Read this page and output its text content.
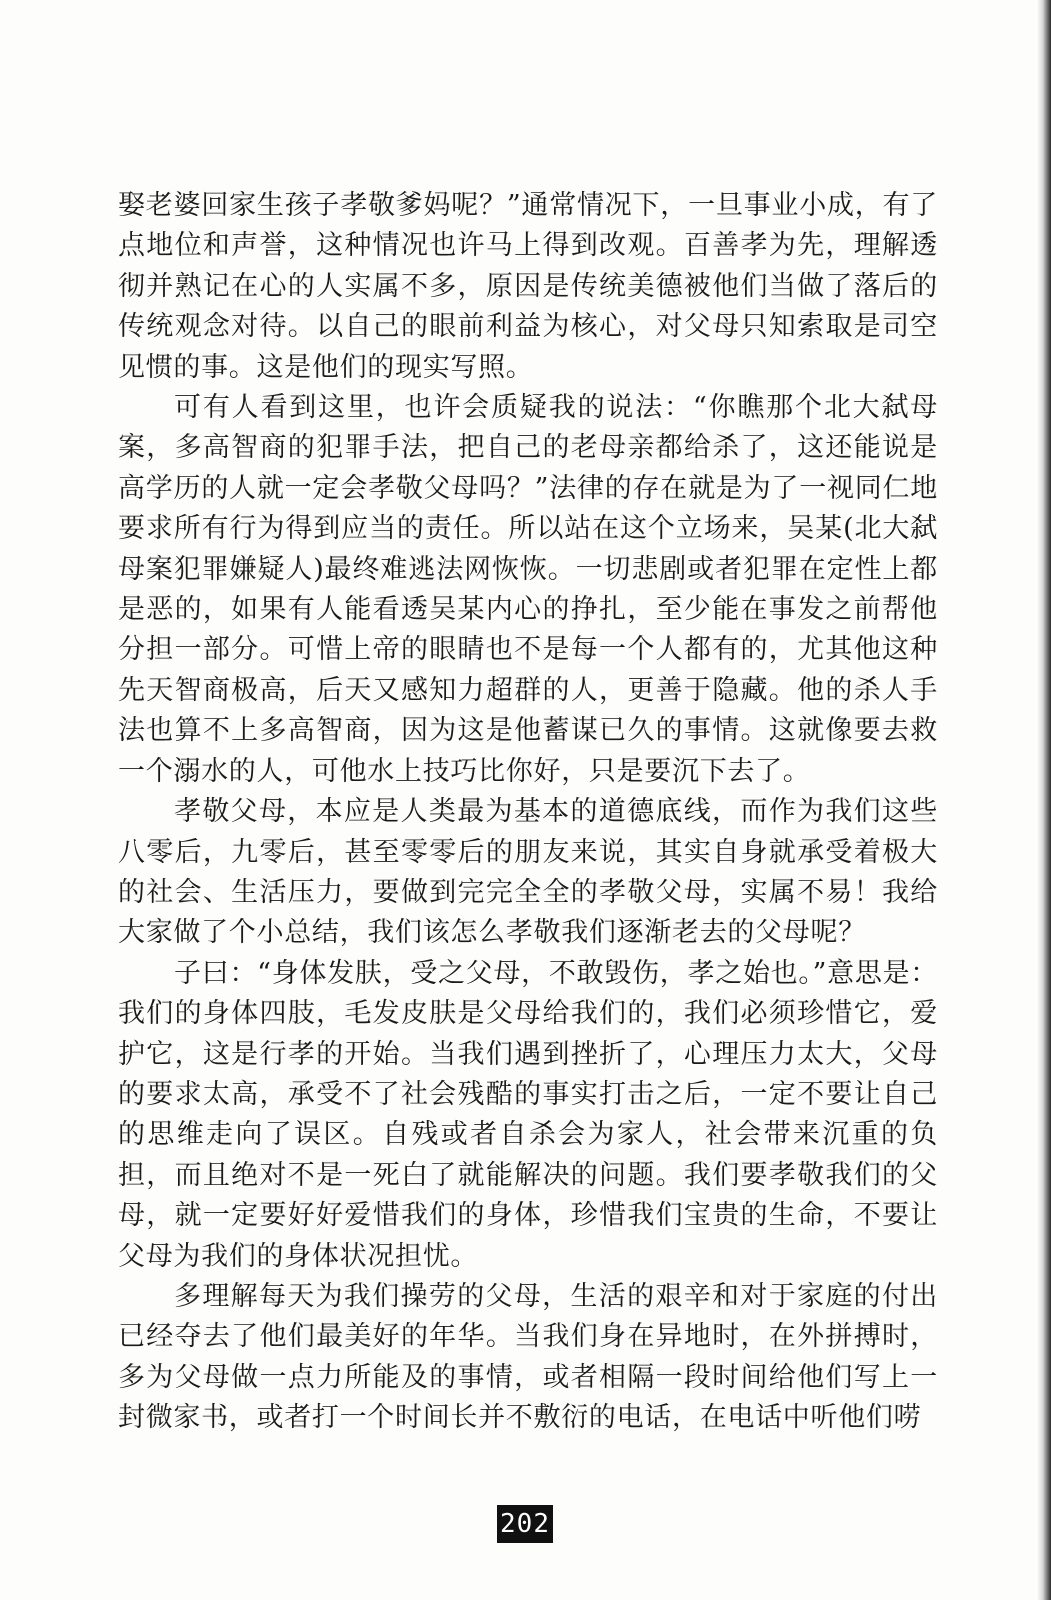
娶老婆回家生孩子孝敬爹妈呢？”通常情况下，一旦事业小成，有了点地位和声誉，这种情况也许马上得到改观。百善孝为先，理解透彻并熟记在心的人实属不多，原因是传统美德被他们当做了落后的传统观念对待。以自己的眼前利益为核心，对父母只知索取是司空见惯的事。这是他们的现实写照。

可有人看到这里，也许会质疑我的说法：“你瞧那个北大弑母案，多高智商的犯罪手法，把自己的老母亲都给杀了，这还能说是高学历的人就一定会孝敬父母吗？”法律的存在就是为了一视同仁地要求所有行为得到应当的责任。所以站在这个立场来，吴某(北大弑母案犯罪嫌疑人)最终难逃法网恢恢。一切悲剧或者犯罪在定性上都是恶的，如果有人能看透吴某内心的挣扎，至少能在事发之前帮他分担一部分。可惜上帝的眼睛也不是每一个人都有的，尤其他这种先天智商极高，后天又感知力超群的人，更善于隐藏。他的杀人手法也算不上多高智商，因为这是他蓄谋已久的事情。这就像要去救一个溺水的人，可他水上技巧比你好，只是要沉下去了。

孝敬父母，本应是人类最为基本的道德底线，而作为我们这些八零后，九零后，甚至零零后的朋友来说，其实自身就承受着极大的社会、生活压力，要做到完完全全的孝敬父母，实属不易！我给大家做了个小总结，我们该怎么孝敬我们逐渐老去的父母呢？

子曰：“身体发肤，受之父母，不敢毁伤，孝之始也。”意思是：我们的身体四肢，毛发皮肤是父母给我们的，我们必须珍惜它，爱护它，这是行孝的开始。当我们遇到挫折了，心理压力太大，父母的要求太高，承受不了社会残酷的事实打击之后，一定不要让自己的思维走向了误区。自残或者自杀会为家人，社会带来沉重的负担，而且绝对不是一死白了就能解决的问题。我们要孝敬我们的父母，就一定要好好爱惜我们的身体，珍惜我们宝贵的生命，不要让父母为我们的身体状况担忧。

多理解每天为我们操劳的父母，生活的艰辛和对于家庭的付出已经夺去了他们最美好的年华。当我们身在异地时，在外拼搏时，多为父母做一点力所能及的事情，或者相隔一段时间给他们写上一封微家书，或者打一个时间长并不敷衍的电话，在电话中听他们唠

202
